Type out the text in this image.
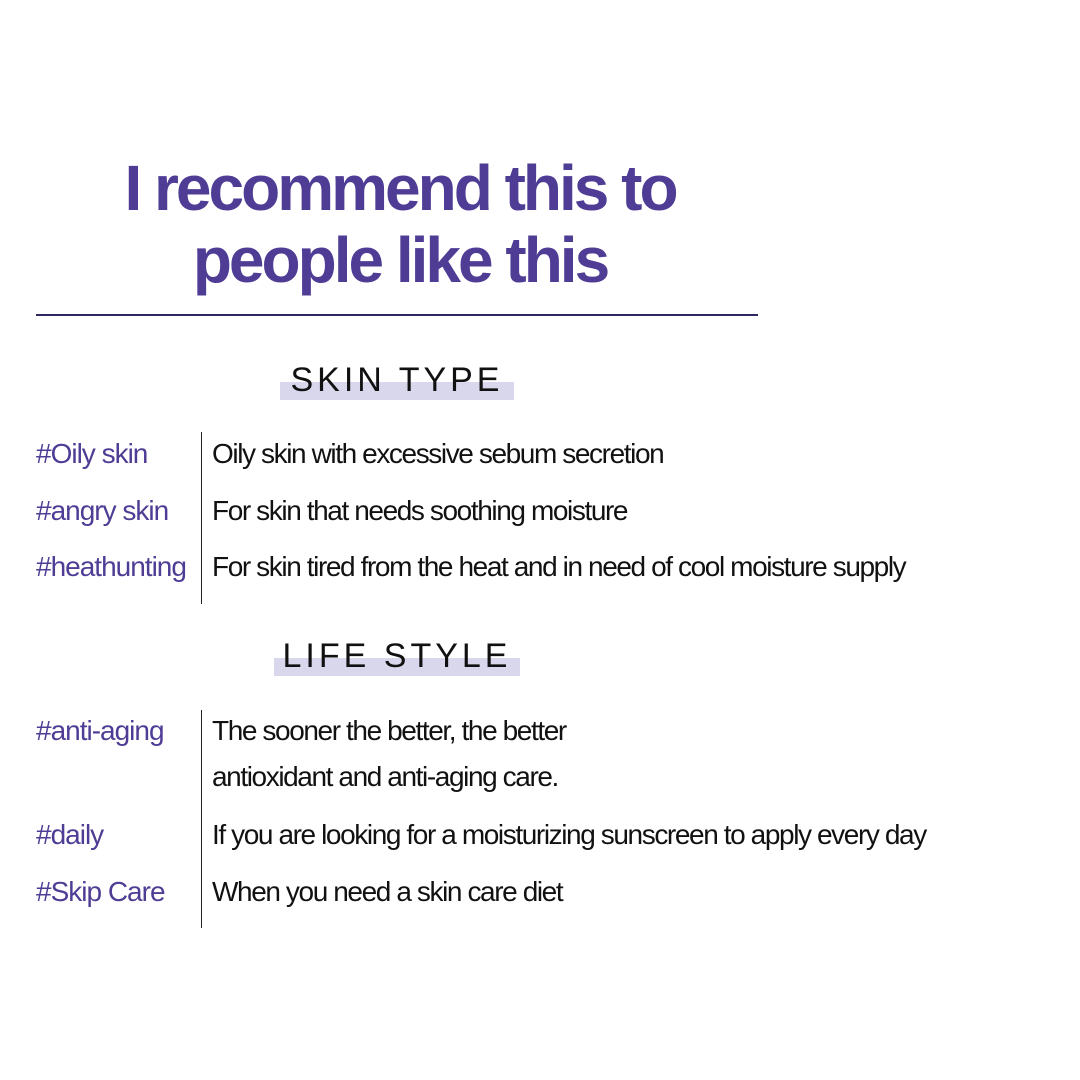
I recommend this to
people like this
SKIN TYPE
#Oily skin Oily skin with excessive sebum secretion
#angry skin For skin that needs soothing moisture
#heathunting For skin tired from the heat and in need of cool moisture supply
LIFE STYLE
#anti-aging The sooner the better, the better
antioxidant and anti-aging care.
#daily	If you are looking for a moisturizing sunscreen to apply every day
#Skip Care When you need a skin care diet
